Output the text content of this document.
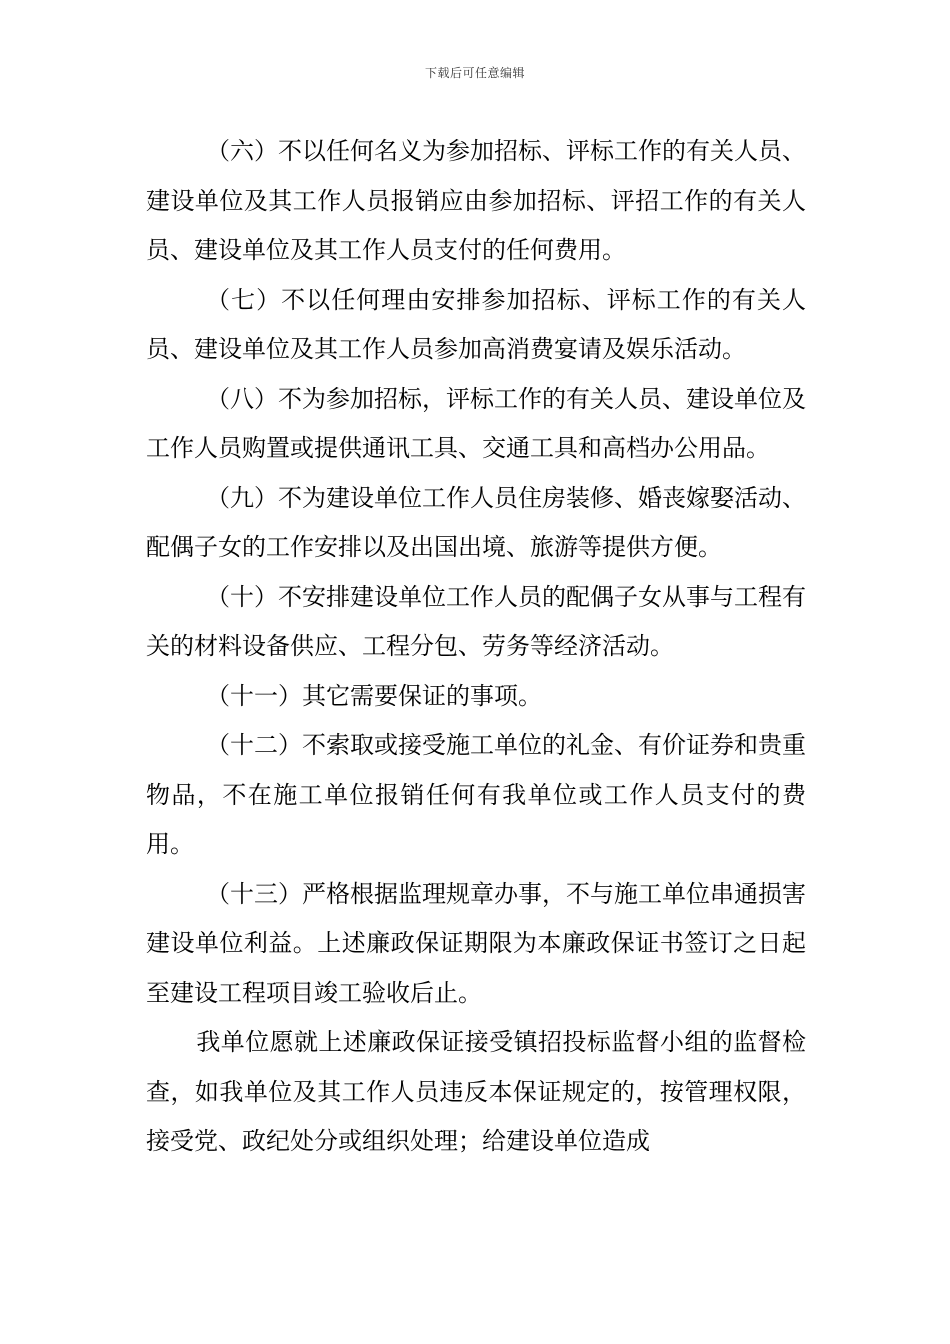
下载后可任意编辑

（六）不以任何名义为参加招标、评标工作的有关人员、建设单位及其工作人员报销应由参加招标、评招工作的有关人员、建设单位及其工作人员支付的任何费用。

（七）不以任何理由安排参加招标、评标工作的有关人员、建设单位及其工作人员参加高消费宴请及娱乐活动。

（八）不为参加招标，评标工作的有关人员、建设单位及工作人员购置或提供通讯工具、交通工具和高档办公用品。

（九）不为建设单位工作人员住房装修、婚丧嫁娶活动、配偶子女的工作安排以及出国出境、旅游等提供方便。

（十）不安排建设单位工作人员的配偶子女从事与工程有关的材料设备供应、工程分包、劳务等经济活动。

（十一）其它需要保证的事项。

（十二）不索取或接受施工单位的礼金、有价证券和贵重物品，不在施工单位报销任何有我单位或工作人员支付的费用。

（十三）严格根据监理规章办事，不与施工单位串通损害建设单位利益。上述廉政保证期限为本廉政保证书签订之日起至建设工程项目竣工验收后止。

我单位愿就上述廉政保证接受镇招投标监督小组的监督检查，如我单位及其工作人员违反本保证规定的，按管理权限，接受党、政纪处分或组织处理；给建设单位造成
